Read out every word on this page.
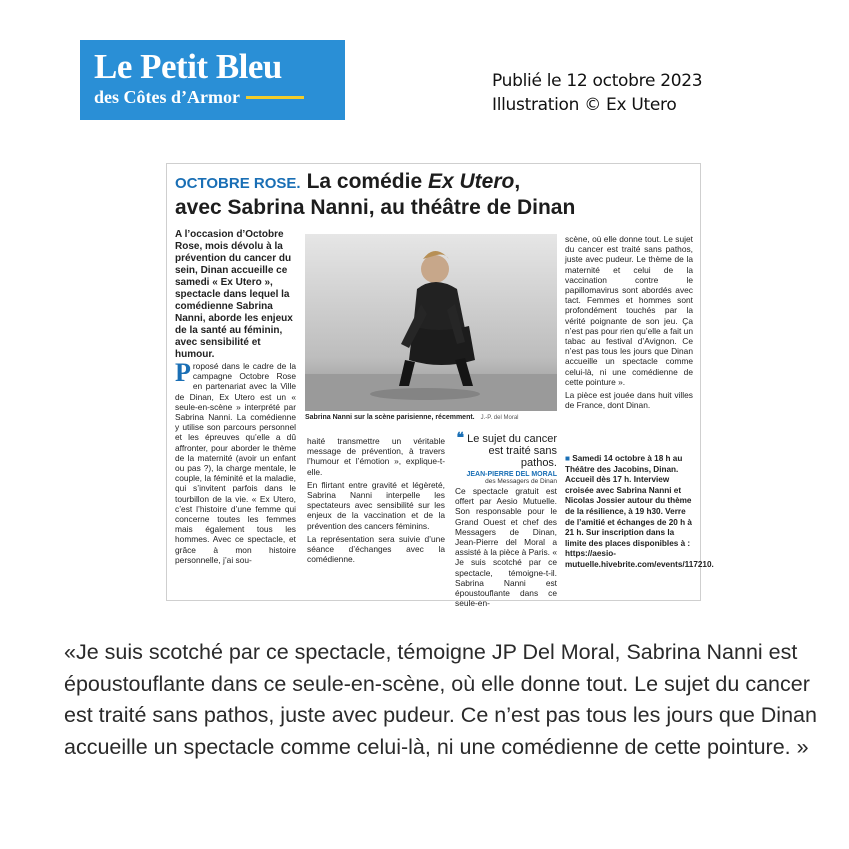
Le Petit Bleu
des Côtes d’Armor
Publié le 12 octobre 2023
Illustration © Ex Utero
OCTOBRE ROSE. La comédie Ex Utero,
avec Sabrina Nanni, au théâtre de Dinan
A l’occasion d’Octobre Rose, mois dévolu à la prévention du cancer du sein, Dinan accueille ce samedi « Ex Utero », spectacle dans lequel la comédienne Sabrina Nanni, aborde les enjeux de la santé au féminin, avec sensibilité et humour.

Proposé dans le cadre de la campagne Octobre Rose en partenariat avec la Ville de Dinan, Ex Utero est un « seule-en-scène » interprété par Sabrina Nanni. La comédienne y utilise son parcours personnel et les épreuves qu’elle a dû affronter, pour aborder le thème de la maternité (avoir un enfant ou pas ?), la charge mentale, le couple, la féminité et la maladie, qui s’invitent parfois dans le tourbillon de la vie. « Ex Utero, c’est l’histoire d’une femme qui concerne toutes les femmes mais également tous les hommes. Avec ce spectacle, et grâce à mon histoire personnelle, j’ai sou-

Sabrina Nanni sur la scène parisienne, récemment. J.-P. del Moral

haité transmettre un véritable message de prévention, à travers l’humour et l’émotion », explique-t-elle.

En flirtant entre gravité et légèreté, Sabrina Nanni interpelle les spectateurs avec sensibilité sur les enjeux de la vaccination et de la prévention des cancers féminins.

La représentation sera suivie d’une séance d’échanges avec la comédienne.

❝ Le sujet du cancer est traité sans pathos.
JEAN-PIERRE DEL MORAL
des Messagers de Dinan

Ce spectacle gratuit est offert par Aesio Mutuelle. Son responsable pour le Grand Ouest et chef des Messagers de Dinan, Jean-Pierre del Moral a assisté à la pièce à Paris. « Je suis scotché par ce spectacle, témoigne-t-il. Sabrina Nanni est époustouflante dans ce seule-en-

scène, où elle donne tout. Le sujet du cancer est traité sans pathos, juste avec pudeur. Le thème de la maternité et celui de la vaccination contre le papillomavirus sont abordés avec tact. Femmes et hommes sont profondément touchés par la vérité poignante de son jeu. Ça n’est pas pour rien qu’elle a fait un tabac au festival d’Avignon. Ce n’est pas tous les jours que Dinan accueille un spectacle comme celui-là, ni une comédienne de cette pointure ».

La pièce est jouée dans huit villes de France, dont Dinan.

■ Samedi 14 octobre à 18 h au Théâtre des Jacobins, Dinan. Accueil dès 17 h. Interview croisée avec Sabrina Nanni et Nicolas Jossier autour du thème de la résilience, à 19 h30. Verre de l’amitié et échanges de 20 h à 21 h. Sur inscription dans la limite des places disponibles à : https://aesio-mutuelle.hivebrite.com/events/117210.
«Je suis scotché par ce spectacle, témoigne JP Del Moral, Sabrina Nanni est époustouflante dans ce seule-en-scène, où elle donne tout. Le sujet du cancer est traité sans pathos, juste avec pudeur. Ce n’est pas tous les jours que Dinan accueille un spectacle comme celui-là, ni une comédienne de cette pointure. »
